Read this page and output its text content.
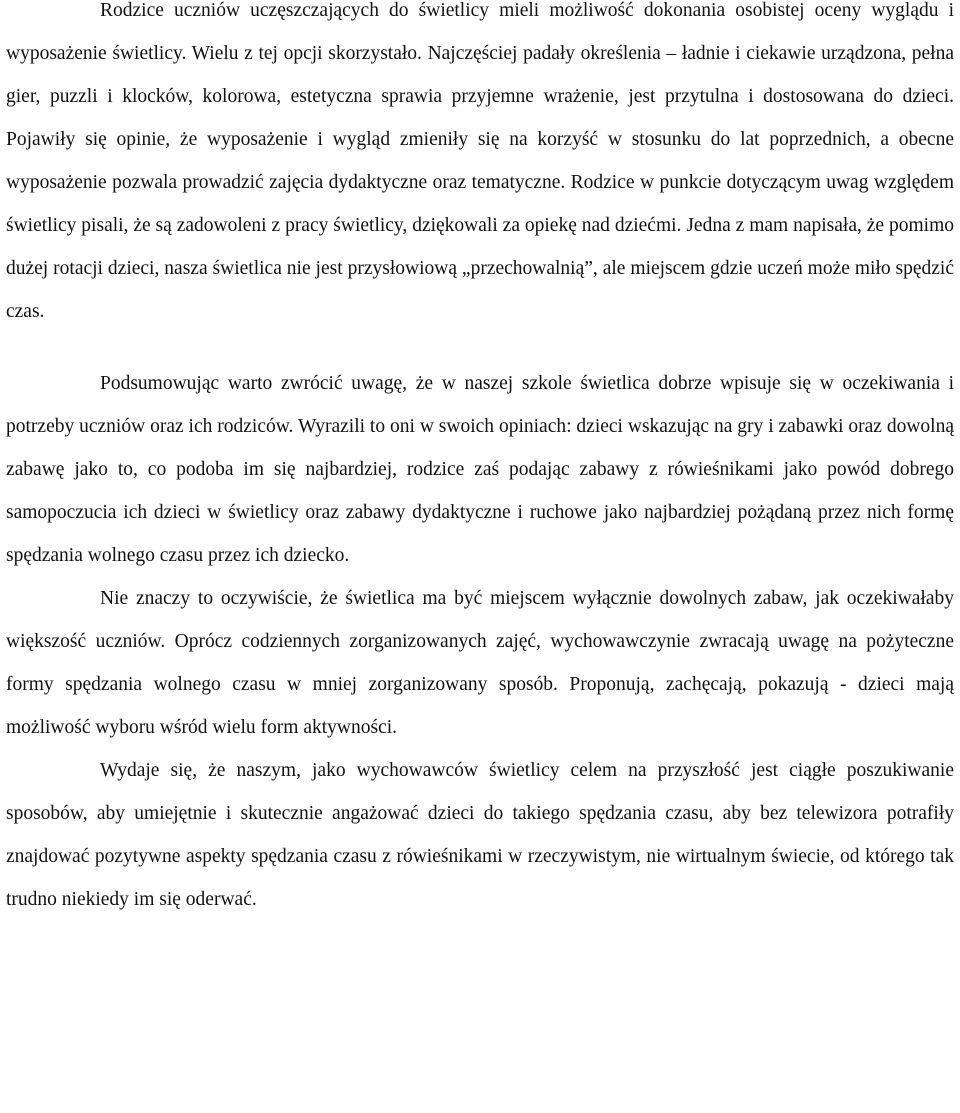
Rodzice uczniów uczęszczających do świetlicy mieli możliwość dokonania osobistej oceny wyglądu i wyposażenie świetlicy. Wielu z tej opcji skorzystało. Najczęściej padały określenia – ładnie i ciekawie urządzona, pełna gier, puzzli i klocków, kolorowa, estetyczna sprawia przyjemne wrażenie, jest przytulna i dostosowana do dzieci. Pojawiły się opinie, że wyposażenie i wygląd zmieniły się na korzyść w stosunku do lat poprzednich, a obecne wyposażenie pozwala prowadzić zajęcia dydaktyczne oraz tematyczne. Rodzice w punkcie dotyczącym uwag względem świetlicy pisali, że są zadowoleni z pracy świetlicy, dziękowali za opiekę nad dziećmi. Jedna z mam napisała, że pomimo dużej rotacji dzieci, nasza świetlica nie jest przysłowiową „przechowalnią”, ale miejscem gdzie uczeń może miło spędzić czas.

Podsumowując warto zwrócić uwagę, że w naszej szkole świetlica dobrze wpisuje się w oczekiwania i potrzeby uczniów oraz ich rodziców. Wyrazili to oni w swoich opiniach: dzieci wskazując na gry i zabawki oraz dowolną zabawę jako to, co podoba im się najbardziej, rodzice zaś podając zabawy z rówieśnikami jako powód dobrego samopoczucia ich dzieci w świetlicy oraz zabawy dydaktyczne i ruchowe jako najbardziej pożądaną przez nich formę spędzania wolnego czasu przez ich dziecko.

Nie znaczy to oczywiście, że świetlica ma być miejscem wyłącznie dowolnych zabaw, jak oczekiwałaby większość uczniów. Oprócz codziennych zorganizowanych zajęć, wychowawczynie zwracają uwagę na pożyteczne formy spędzania wolnego czasu w mniej zorganizowany sposób. Proponują, zachęcają, pokazują - dzieci mają możliwość wyboru wśród wielu form aktywności.

Wydaje się, że naszym, jako wychowawców świetlicy celem na przyszłość jest ciągłe poszukiwanie sposobów, aby umiejętnie i skutecznie angażować dzieci do takiego spędzania czasu, aby bez telewizora potrafiły znajdować pozytywne aspekty spędzania czasu z rówieśnikami w rzeczywistym, nie wirtualnym świecie, od którego tak trudno niekiedy im się oderwać.
